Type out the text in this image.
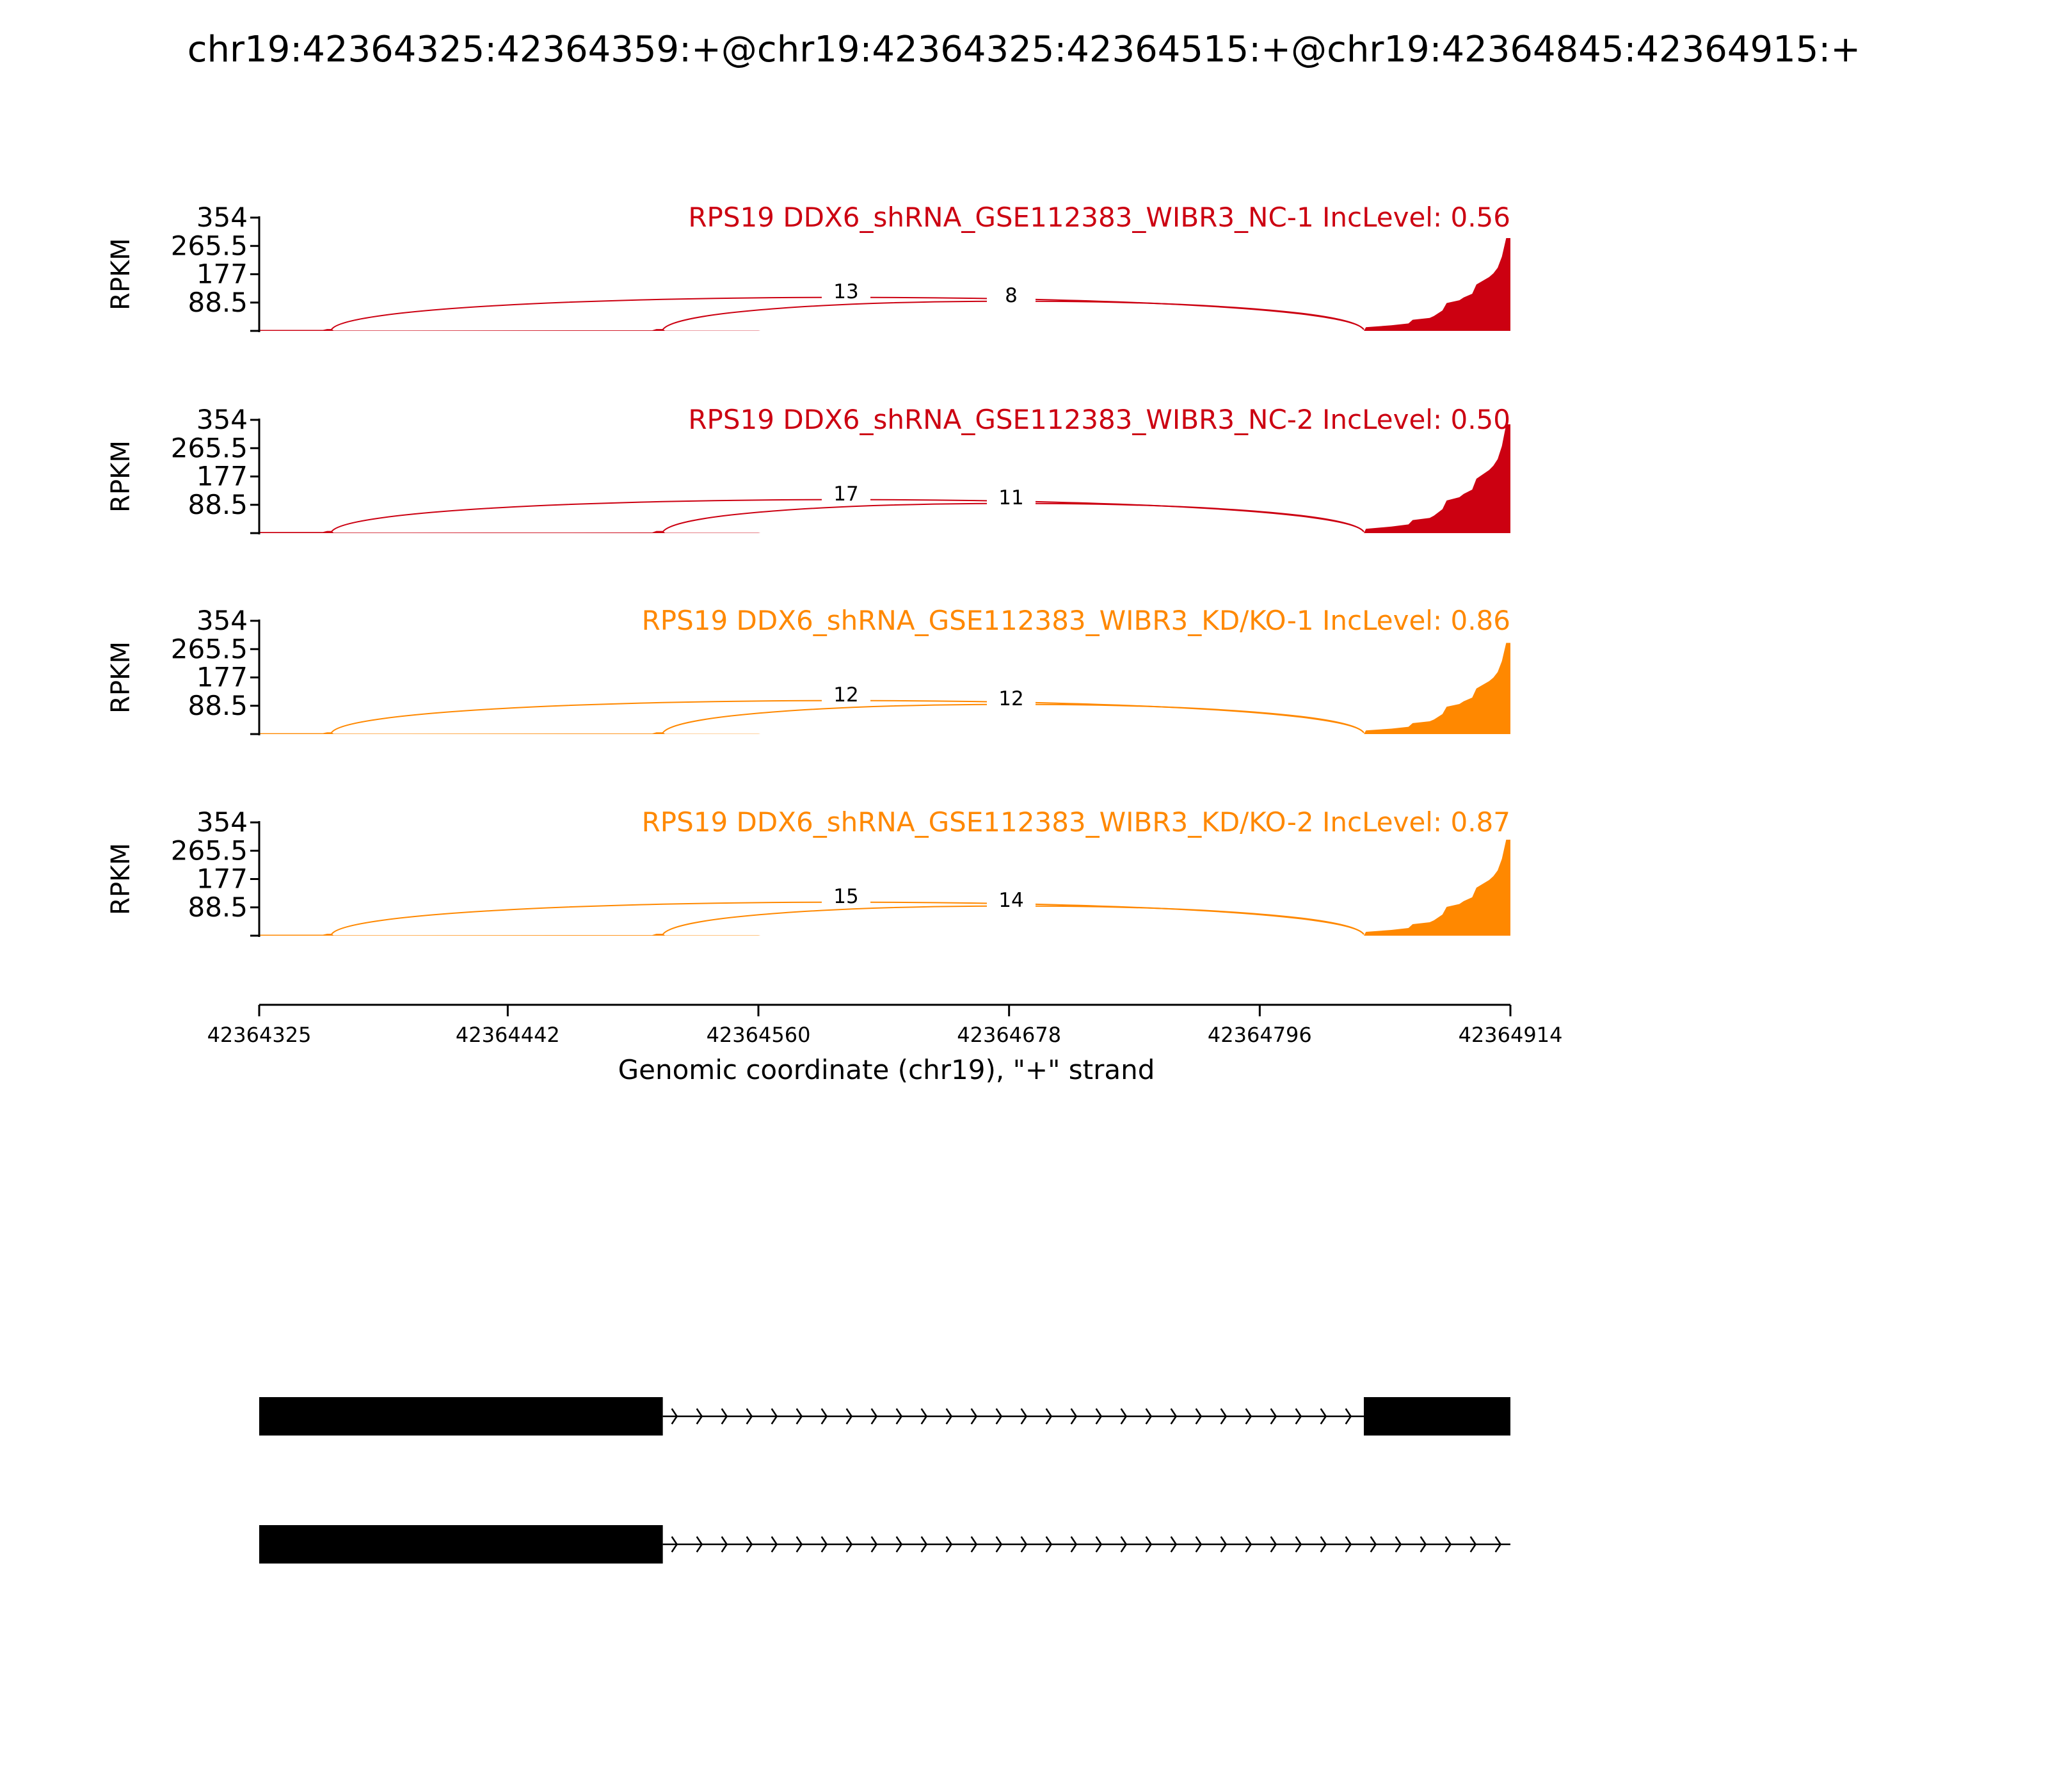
chr19:42364325:42364359:+@chr19:42364325:42364515:+@chr19:42364845:42364915:+
13	8
354
265.5
177
88.5
RPKM
RPS19 DDX6_shRNA_GSE112383_WIBR3_NC-1 IncLevel: 0.56
17	11
354
265.5
177
88.5
RPKM
RPS19 DDX6_shRNA_GSE112383_WIBR3_NC-2 IncLevel: 0.50
12	12
354
265.5
177
88.5
RPKM
RPS19 DDX6_shRNA_GSE112383_WIBR3_KD/KO-1 IncLevel: 0.86
15	14
354
265.5
177
88.5
RPKM
RPS19 DDX6_shRNA_GSE112383_WIBR3_KD/KO-2 IncLevel: 0.87
42364325	42364442	42364560	42364678	42364796	42364914
Genomic coordinate (chr19), "+" strand
